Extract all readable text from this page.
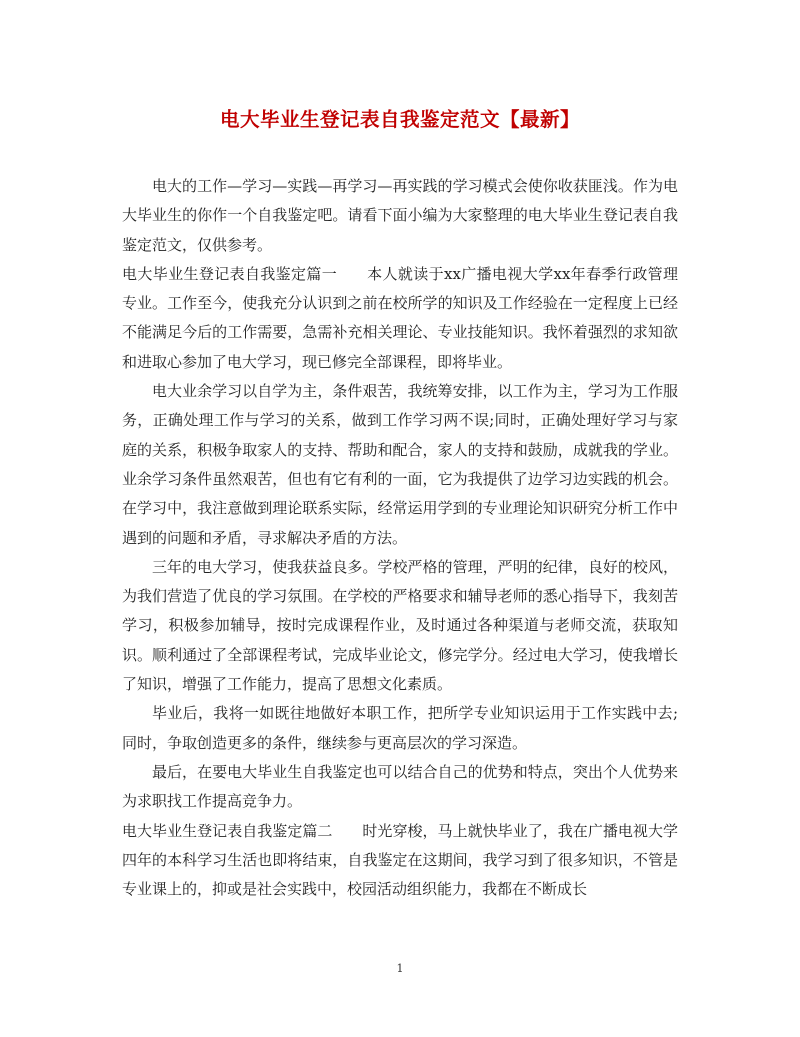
电大毕业生登记表自我鉴定范文【最新】

电大的工作—学习—实践—再学习—再实践的学习模式会使你收获匪浅。作为电大毕业生的你作一个自我鉴定吧。请看下面小编为大家整理的电大毕业生登记表自我鉴定范文，仅供参考。

电大毕业生登记表自我鉴定篇一 本人就读于xx广播电视大学xx年春季行政管理专业。工作至今，使我充分认识到之前在校所学的知识及工作经验在一定程度上已经不能满足今后的工作需要，急需补充相关理论、专业技能知识。我怀着强烈的求知欲和进取心参加了电大学习，现已修完全部课程，即将毕业。

电大业余学习以自学为主，条件艰苦，我统筹安排，以工作为主，学习为工作服务，正确处理工作与学习的关系，做到工作学习两不误;同时，正确处理好学习与家庭的关系，积极争取家人的支持、帮助和配合，家人的支持和鼓励，成就我的学业。业余学习条件虽然艰苦，但也有它有利的一面，它为我提供了边学习边实践的机会。在学习中，我注意做到理论联系实际，经常运用学到的专业理论知识研究分析工作中遇到的问题和矛盾，寻求解决矛盾的方法。

三年的电大学习，使我获益良多。学校严格的管理，严明的纪律，良好的校风，为我们营造了优良的学习氛围。在学校的严格要求和辅导老师的悉心指导下，我刻苦学习，积极参加辅导，按时完成课程作业，及时通过各种渠道与老师交流，获取知识。顺利通过了全部课程考试，完成毕业论文，修完学分。经过电大学习，使我增长了知识，增强了工作能力，提高了思想文化素质。

毕业后，我将一如既往地做好本职工作，把所学专业知识运用于工作实践中去;同时，争取创造更多的条件，继续参与更高层次的学习深造。

最后，在要电大毕业生自我鉴定也可以结合自己的优势和特点，突出个人优势来为求职找工作提高竞争力。

电大毕业生登记表自我鉴定篇二 时光穿梭，马上就快毕业了，我在广播电视大学四年的本科学习生活也即将结束，自我鉴定在这期间，我学习到了很多知识，不管是专业课上的，抑或是社会实践中，校园活动组织能力，我都在不断成长

1
